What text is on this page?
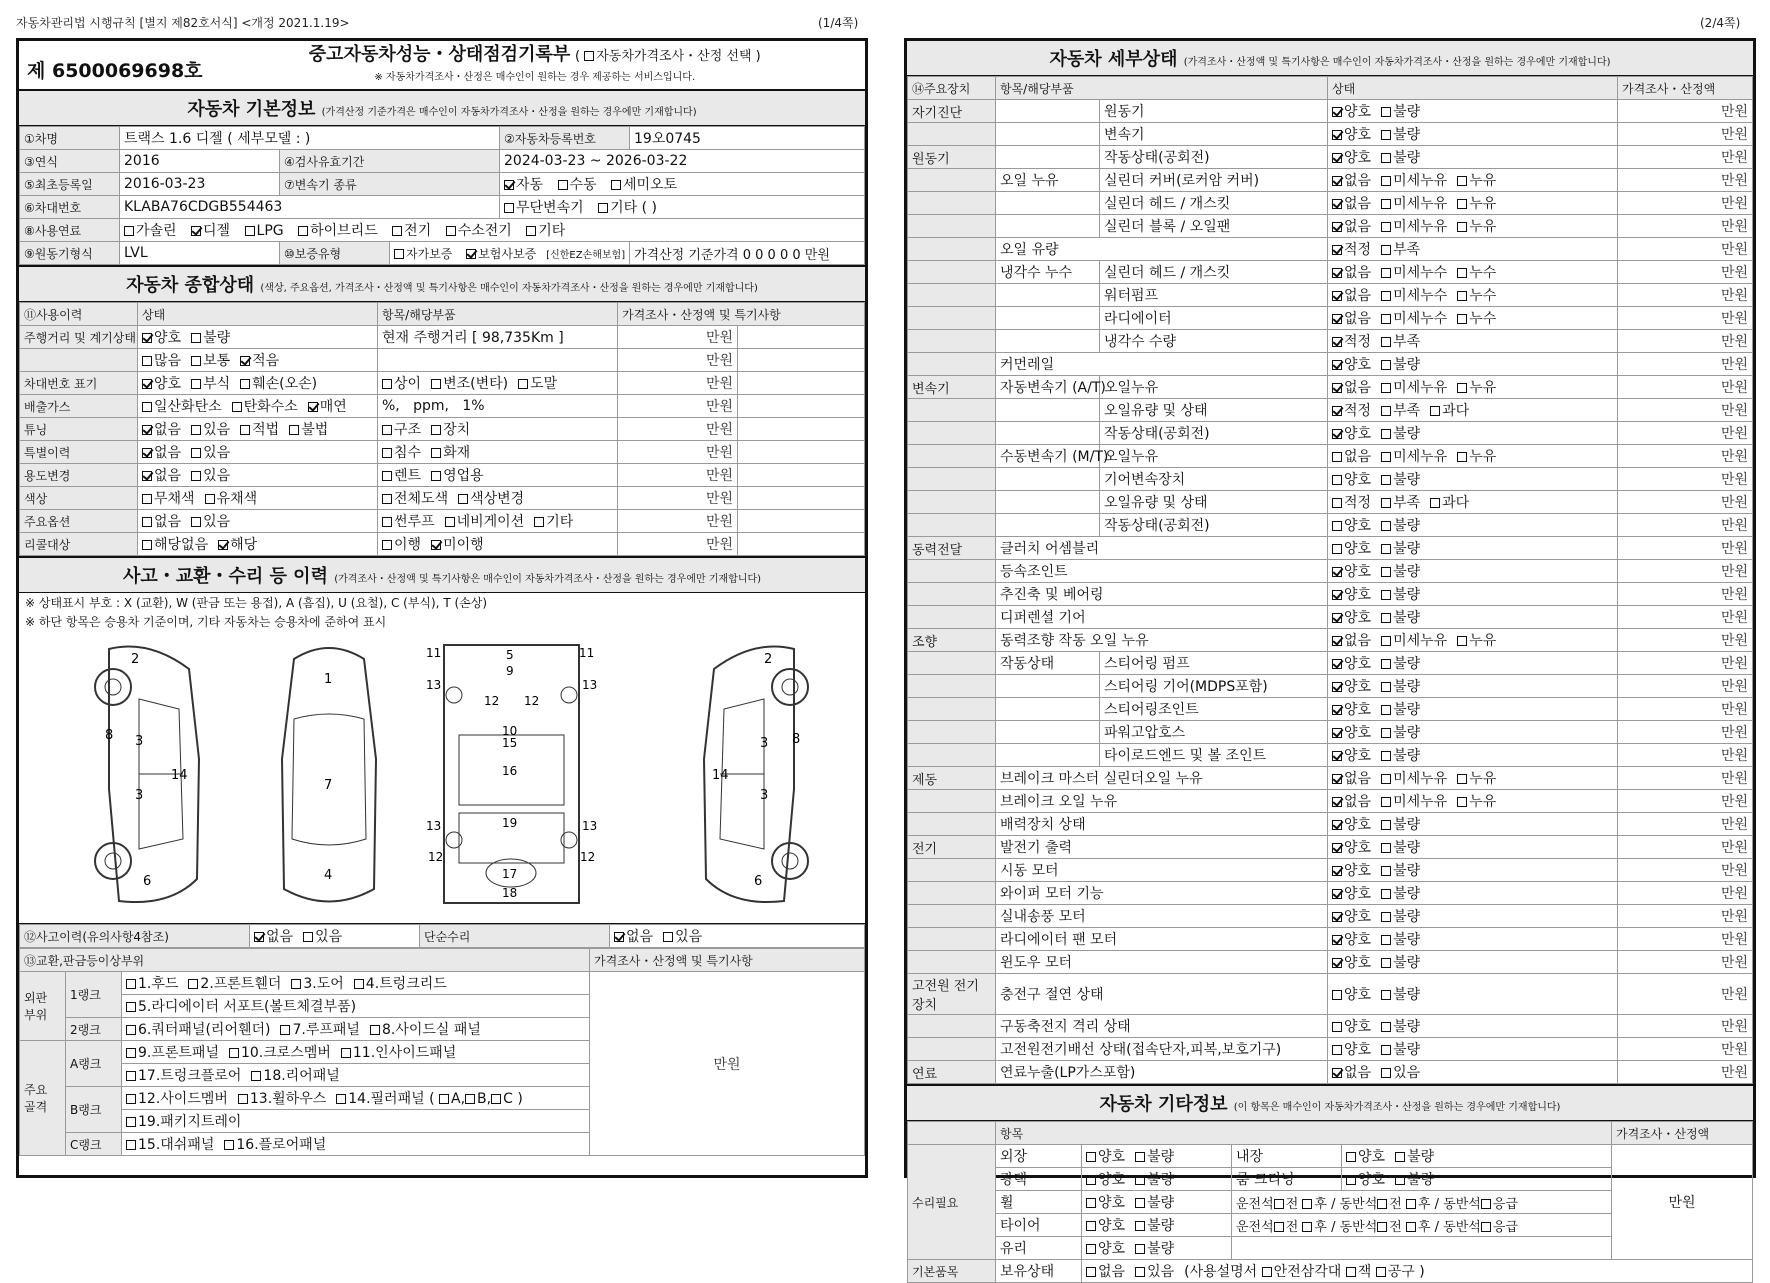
자동차관리법 시행규칙 [별지 제82호서식] <개정 2021.1.19>	(1/4쪽)	(2/4쪽)
제 6500069698호
중고자동차성능・상태점검기록부 ( 자동차가격조사・산정 선택 )
※ 자동차가격조사・산정은 매수인이 원하는 경우 제공하는 서비스입니다.
자동차 기본정보 (가격산정 기준가격은 매수인이 자동차가격조사・산정을 원하는 경우에만 기재합니다)
①차명	트랙스 1.6 디젤 ( 세부모델 : )			②자동차등록번호	19오0745
③연식	2016	④검사유효기간		2024-03-23 ~ 2026-03-22	
⑤최초등록일	2016-03-23	⑦변속기 종류		자동 수동 세미오토	
⑥차대번호	KLABA76CDGB554463			무단변속기 기타 ( )	
⑧사용연료	가솔린 디젤 LPG 하이브리드 전기 수소전기 기타				
⑨원동기형식	LVL	⑩보증유형	자가보증 보험사보증 [신한EZ손해보험]		가격산정 기준가격 0 0 0 0 0 만원
자동차 종합상태 (색상, 주요옵션, 가격조사・산정액 및 특기사항은 매수인이 자동차가격조사・산정을 원하는 경우에만 기재합니다)
⑪사용이력	상태	항목/해당부품	가격조사・산정액 및 특기사항	
주행거리 및 계기상태	양호 불량	현재 주행거리 [ 98,735Km ]	만원	
	많음 보통 적음		만원	
차대번호 표기	양호 부식 훼손(오손)	상이 변조(변타) 도말	만원	
배출가스	일산화탄소 탄화수소 매연	%, ppm, 1%	만원	
튜닝	없음 있음 적법 불법	구조 장치	만원	
특별이력	없음 있음	침수 화재	만원	
용도변경	없음 있음	렌트 영업용	만원	
색상	무채색 유채색	전체도색 색상변경	만원	
주요옵션	없음 있음	썬루프 네비게이션 기타	만원	
리콜대상	해당없음 해당	이행 미이행	만원	
사고・교환・수리 등 이력 (가격조사・산정액 및 특기사항은 매수인이 자동차가격조사・산정을 원하는 경우에만 기재합니다)
※ 상태표시 부호 : X (교환), W (판금 또는 용접), A (흠집), U (요철), C (부식), T (손상)
※ 하단 항목은 승용차 기준이며, 기타 자동차는 승용차에 준하여 표시
2
8 3
3
14
6
1
7
4
5
9
11	11
13	13
12 12
10
15
16
13	13
19
12	12
17
18
2
8
3
3
14
6
⑫사고이력(유의사항4참조)	없음 있음	단순수리	없음 있음
⑬교환,판금등이상부위			가격조사・산정액 및 특기사항
외판 부위	1랭크	1.후드 2.프론트휀더 3.도어 4.트렁크리드	만원
		5.라디에이터 서포트(볼트체결부품)	
	2랭크	6.쿼터패널(리어휀더) 7.루프패널 8.사이드실 패널	
주요 골격	A랭크	9.프론트패널 10.크로스멤버 11.인사이드패널	
		17.트렁크플로어 18.리어패널	
	B랭크	12.사이드멤버 13.휠하우스 14.필러패널 ( A, B, C )	
		19.패키지트레이	
	C랭크	15.대쉬패널 16.플로어패널	
자동차 세부상태 (가격조사・산정액 및 특기사항은 매수인이 자동차가격조사・산정을 원하는 경우에만 기재합니다)
⑭주요장치	항목/해당부품		상태	가격조사・산정액
자기진단		원동기	양호 불량	만원
		변속기	양호 불량	만원
원동기		작동상태(공회전)	양호 불량	만원
	오일 누유	실린더 커버(로커암 커버)	없음 미세누유 누유	만원
		실린더 헤드 / 개스킷	없음 미세누유 누유	만원
		실린더 블록 / 오일팬	없음 미세누유 누유	만원
	오일 유량		적정 부족	만원
	냉각수 누수	실린더 헤드 / 개스킷	없음 미세누수 누수	만원
		워터펌프	없음 미세누수 누수	만원
		라디에이터	없음 미세누수 누수	만원
		냉각수 수량	적정 부족	만원
	커먼레일		양호 불량	만원
변속기	자동변속기 (A/T)	오일누유	없음 미세누유 누유	만원
		오일유량 및 상태	적정 부족 과다	만원
		작동상태(공회전)	양호 불량	만원
	수동변속기 (M/T)	오일누유	없음 미세누유 누유	만원
		기어변속장치	양호 불량	만원
		오일유량 및 상태	적정 부족 과다	만원
		작동상태(공회전)	양호 불량	만원
동력전달	클러치 어셈블리		양호 불량	만원
	등속조인트		양호 불량	만원
	추진축 및 베어링		양호 불량	만원
	디퍼렌셜 기어		양호 불량	만원
조향	동력조향 작동 오일 누유		없음 미세누유 누유	만원
	작동상태	스티어링 펌프	양호 불량	만원
		스티어링 기어(MDPS포함)	양호 불량	만원
		스티어링조인트	양호 불량	만원
		파워고압호스	양호 불량	만원
		타이로드엔드 및 볼 조인트	양호 불량	만원
제동	브레이크 마스터 실린더오일 누유		없음 미세누유 누유	만원
	브레이크 오일 누유		없음 미세누유 누유	만원
	배력장치 상태		양호 불량	만원
전기	발전기 출력		양호 불량	만원
	시동 모터		양호 불량	만원
	와이퍼 모터 기능		양호 불량	만원
	실내송풍 모터		양호 불량	만원
	라디에이터 팬 모터		양호 불량	만원
	윈도우 모터		양호 불량	만원
고전원 전기장치	충전구 절연 상태		양호 불량	만원
	구동축전지 격리 상태		양호 불량	만원
	고전원전기배선 상태(접속단자,피복,보호기구)		양호 불량	만원
연료	연료누출(LP가스포함)		없음 있음	만원
자동차 기타정보 (이 항목은 매수인이 자동차가격조사・산정을 원하는 경우에만 기재합니다)
	항목				가격조사・산정액
수리필요	외장	양호 불량	내장	양호 불량	만원
	광택	양호 불량	룸 크리닝	양호 불량	
	휠	양호 불량	운전석 전 후 / 동반석 전 후 / 동반석 응급		
	타이어	양호 불량	운전석 전 후 / 동반석 전 후 / 동반석 응급		
	유리	양호 불량			
기본품목	보유상태	없음 있음 (사용설명서 안전삼각대 잭 공구 )			
